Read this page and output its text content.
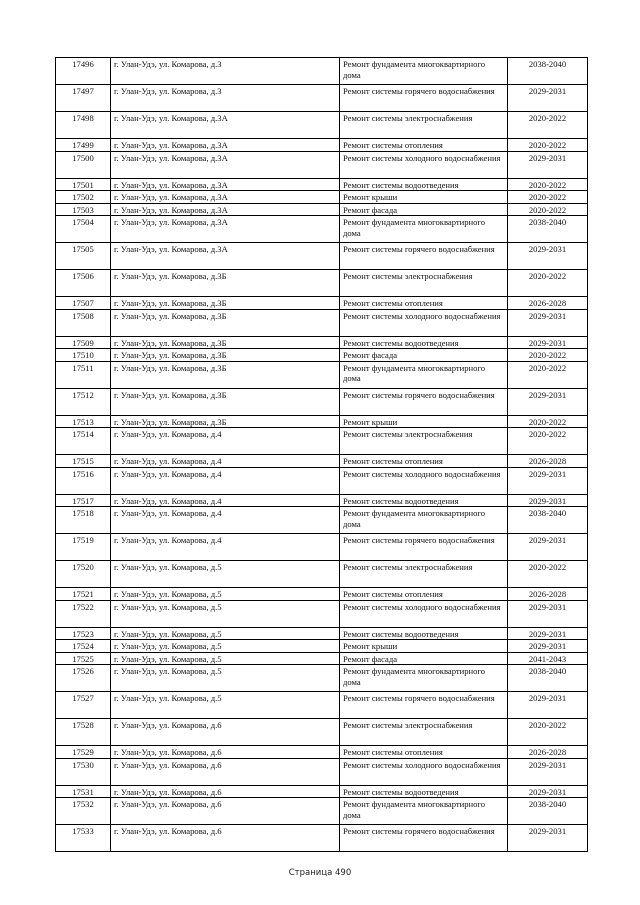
17496	г. Улан-Удэ, ул. Комарова, д.3	Ремонт фундамента многоквартирного дома	2038-2040
17497	г. Улан-Удэ, ул. Комарова, д.3	Ремонт системы горячего водоснабжения	2029-2031
17498	г. Улан-Удэ, ул. Комарова, д.3А	Ремонт системы электроснабжения	2020-2022
17499	г. Улан-Удэ, ул. Комарова, д.3А	Ремонт системы отопления	2020-2022
17500	г. Улан-Удэ, ул. Комарова, д.3А	Ремонт системы холодного водоснабжения	2029-2031
17501	г. Улан-Удэ, ул. Комарова, д.3А	Ремонт системы водоотведения	2020-2022
17502	г. Улан-Удэ, ул. Комарова, д.3А	Ремонт крыши	2020-2022
17503	г. Улан-Удэ, ул. Комарова, д.3А	Ремонт фасада	2020-2022
17504	г. Улан-Удэ, ул. Комарова, д.3А	Ремонт фундамента многоквартирного дома	2038-2040
17505	г. Улан-Удэ, ул. Комарова, д.3А	Ремонт системы горячего водоснабжения	2029-2031
17506	г. Улан-Удэ, ул. Комарова, д.3Б	Ремонт системы электроснабжения	2020-2022
17507	г. Улан-Удэ, ул. Комарова, д.3Б	Ремонт системы отопления	2026-2028
17508	г. Улан-Удэ, ул. Комарова, д.3Б	Ремонт системы холодного водоснабжения	2029-2031
17509	г. Улан-Удэ, ул. Комарова, д.3Б	Ремонт системы водоотведения	2029-2031
17510	г. Улан-Удэ, ул. Комарова, д.3Б	Ремонт фасада	2020-2022
17511	г. Улан-Удэ, ул. Комарова, д.3Б	Ремонт фундамента многоквартирного дома	2020-2022
17512	г. Улан-Удэ, ул. Комарова, д.3Б	Ремонт системы горячего водоснабжения	2029-2031
17513	г. Улан-Удэ, ул. Комарова, д.3Б	Ремонт крыши	2020-2022
17514	г. Улан-Удэ, ул. Комарова, д.4	Ремонт системы электроснабжения	2020-2022
17515	г. Улан-Удэ, ул. Комарова, д.4	Ремонт системы отопления	2026-2028
17516	г. Улан-Удэ, ул. Комарова, д.4	Ремонт системы холодного водоснабжения	2029-2031
17517	г. Улан-Удэ, ул. Комарова, д.4	Ремонт системы водоотведения	2029-2031
17518	г. Улан-Удэ, ул. Комарова, д.4	Ремонт фундамента многоквартирного дома	2038-2040
17519	г. Улан-Удэ, ул. Комарова, д.4	Ремонт системы горячего водоснабжения	2029-2031
17520	г. Улан-Удэ, ул. Комарова, д.5	Ремонт системы электроснабжения	2020-2022
17521	г. Улан-Удэ, ул. Комарова, д.5	Ремонт системы отопления	2026-2028
17522	г. Улан-Удэ, ул. Комарова, д.5	Ремонт системы холодного водоснабжения	2029-2031
17523	г. Улан-Удэ, ул. Комарова, д.5	Ремонт системы водоотведения	2029-2031
17524	г. Улан-Удэ, ул. Комарова, д.5	Ремонт крыши	2029-2031
17525	г. Улан-Удэ, ул. Комарова, д.5	Ремонт фасада	2041-2043
17526	г. Улан-Удэ, ул. Комарова, д.5	Ремонт фундамента многоквартирного дома	2038-2040
17527	г. Улан-Удэ, ул. Комарова, д.5	Ремонт системы горячего водоснабжения	2029-2031
17528	г. Улан-Удэ, ул. Комарова, д.6	Ремонт системы электроснабжения	2020-2022
17529	г. Улан-Удэ, ул. Комарова, д.6	Ремонт системы отопления	2026-2028
17530	г. Улан-Удэ, ул. Комарова, д.6	Ремонт системы холодного водоснабжения	2029-2031
17531	г. Улан-Удэ, ул. Комарова, д.6	Ремонт системы водоотведения	2029-2031
17532	г. Улан-Удэ, ул. Комарова, д.6	Ремонт фундамента многоквартирного дома	2038-2040
17533	г. Улан-Удэ, ул. Комарова, д.6	Ремонт системы горячего водоснабжения	2029-2031
Страница 490
